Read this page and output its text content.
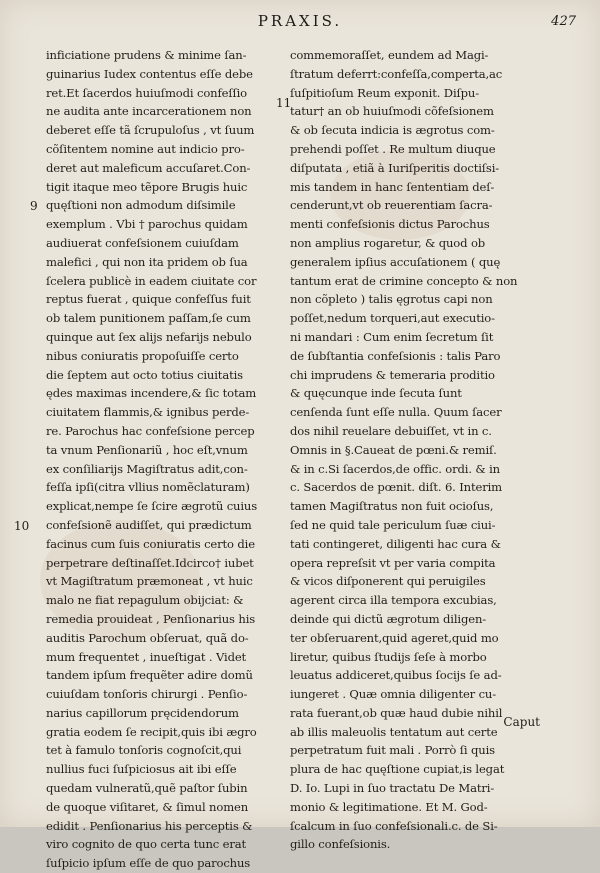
PRAXIS.	427
9
10
11
inficiatione prudens & minime ſan-
guinarius Iudex contentus eſſe debe
ret.Et ſacerdos huiuſmodi confeſſio
ne audita ante incarcerationem non
deberet eſſe tã ſcrupuloſus , vt ſuum
cõſitentem nomine aut indicio pro-
deret aut maleficum accuſaret.Con-
tigit itaque meo tẽpore Brugis huic
quęſtioni non admodum diſsimile
exemplum . Vbi † parochus quidam
audiuerat confeſsionem cuiuſdam
malefici , qui non ita pridem ob ſua
ſcelera publicè in eadem ciuitate cor
reptus fuerat , quique confeſſus fuit
ob talem punitionem paſſam,ſe cum
quinque aut ſex alijs nefarijs nebulo
nibus coniuratis propoſuiſſe certo
die ſeptem aut octo totius ciuitatis
ędes maximas incendere,& ſic totam
ciuitatem flammis,& ignibus perde-
re. Parochus hac confeſsione percep
ta vnum Penſionariũ , hoc eſt,vnum
ex conſiliarijs Magiſtratus adit,con-
feſſa ipſi(citra vllius nomẽclaturam)
explicat,nempe ſe ſcire ægrotũ cuius
confeſsionẽ audiſſet, qui prædictum
facinus cum ſuis coniuratis certo die
perpetrare deſtinaſſet.Idcirco† iubet
vt Magiſtratum præmoneat , vt huic
malo ne fiat repagulum obijciat: &
remedia prouideat , Penſionarius his
auditis Parochum obſeruat, quã do-
mum frequentet , inueſtigat . Videt
tandem ipſum frequẽter adire domũ
cuiuſdam tonſoris chirurgi . Penſio-
narius capillorum pręcidendorum
gratia eodem ſe recipit,quis ibi ægro
tet à famulo tonſoris cognoſcit,qui
nullius fuci ſuſpiciosus ait ibi eſſe
quedam vulneratũ,quẽ paſtor ſubin
de quoque viſitaret, & ſimul nomen
edidit . Penſionarius his perceptis &
viro cognito de quo certa tunc erat
ſuſpicio ipſum eſſe de quo parochus
commemoraſſet, eundem ad Magi-
ſtratum deferrt:confeſſa,comperta,ac
ſuſpitioſum Reum exponit. Diſpu-
tatur† an ob huiuſmodi cõfeſsionem
& ob ſecuta indicia is ægrotus com-
prehendi poſſet . Re multum diuque
diſputata , etiã à Iuriſperitis doctiſsi-
mis tandem in hanc ſententiam deſ-
cenderunt,vt ob reuerentiam ſacra-
menti confeſsionis dictus Parochus
non amplius rogaretur, & quod ob
generalem ipſius accuſationem ( quę
tantum erat de crimine concepto & non
non cõpleto ) talis ęgrotus capi non
poſſet,nedum torqueri,aut executio-
ni mandari : Cum enim ſecretum ſit
de ſubſtantia confeſsionis : talis Paro
chi imprudens & temeraria proditio
& quęcunque inde ſecuta ſunt
cenſenda ſunt eſſe nulla. Quum ſacer
dos nihil reuelare debuiſſet, vt in c.
Omnis in §.Caueat de pœni.& remiſ.
& in c.Si ſacerdos,de offic. ordi. & in
c. Sacerdos de pœnit. diſt. 6. Interim
tamen Magiſtratus non fuit ocioſus,
ſed ne quid tale periculum ſuæ ciui-
tati contingeret, diligenti hac cura &
opera repreſsit vt per varia compita
& vicos diſponerent qui peruigiles
agerent circa illa tempora excubias,
deinde qui dictũ ægrotum diligen-
ter obſeruarent,quid ageret,quid mo
liretur, quibus ſtudijs ſeſe à morbo
leuatus addiceret,quibus ſocijs ſe ad-
iungeret . Quæ omnia diligenter cu-
rata fuerant,ob quæ haud dubie nihil
ab illis maleuolis tentatum aut certe
perpetratum fuit mali . Porrò ſi quis
plura de hac quęſtione cupiat,is legat
D. Io. Lupi in ſuo tractatu De Matri-
monio & legitimatione. Et M. God-
ſcalcum in ſuo confeſsionali.c. de Si-
gillo confeſsionis.
Caput
